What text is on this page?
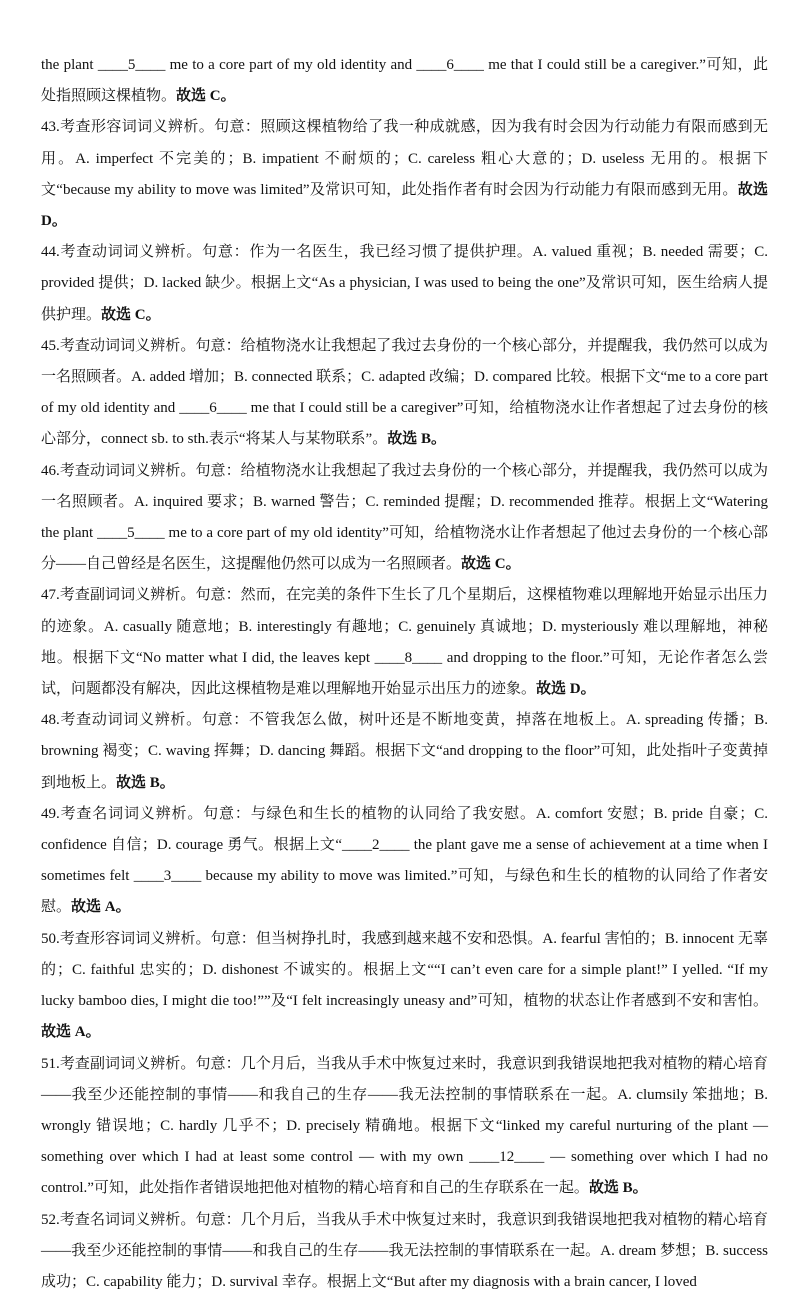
the plant ____5____ me to a core part of my old identity and ____6____ me that I could still be a caregiver.”可知，此处指照顾这棵植物。故选 C。

43.考查形容词词义辨析。句意：照顾这棵植物给了我一种成就感，因为我有时会因为行动能力有限而感到无用。A. imperfect 不完美的；B. impatient 不耐烦的；C. careless 粗心大意的；D. useless 无用的。根据下文“because my ability to move was limited”及常识可知，此处指作者有时会因为行动能力有限而感到无用。故选 D。

44.考查动词词义辨析。句意：作为一名医生，我已经习惯了提供护理。A. valued 重视；B. needed 需要；C. provided 提供；D. lacked 缺少。根据上文“As a physician, I was used to being the one”及常识可知，医生给病人提供护理。故选 C。

45.考查动词词义辨析。句意：给植物浇水让我想起了我过去身份的一个核心部分，并提醒我，我仍然可以成为一名照顾者。A. added 增加；B. connected 联系；C. adapted 改编；D. compared 比较。根据下文“me to a core part of my old identity and ____6____ me that I could still be a caregiver”可知，给植物浇水让作者想起了过去身份的核心部分，connect sb. to sth.表示“将某人与某物联系”。故选 B。

46.考查动词词义辨析。句意：给植物浇水让我想起了我过去身份的一个核心部分，并提醒我，我仍然可以成为一名照顾者。A. inquired 要求；B. warned 警告；C. reminded 提醒；D. recommended 推荐。根据上文“Watering the plant ____5____ me to a core part of my old identity”可知，给植物浇水让作者想起了他过去身份的一个核心部分——自己曾经是名医生，这提醒他仍然可以成为一名照顾者。故选 C。

47.考查副词词义辨析。句意：然而，在完美的条件下生长了几个星期后，这棵植物难以理解地开始显示出压力的迹象。A. casually 随意地；B. interestingly 有趣地；C. genuinely 真诚地；D. mysteriously 难以理解地，神秘地。根据下文“No matter what I did, the leaves kept ____8____ and dropping to the floor.”可知，无论作者怎么尝试，问题都没有解决，因此这棵植物是难以理解地开始显示出压力的迹象。故选 D。

48.考查动词词义辨析。句意：不管我怎么做，树叶还是不断地变黄，掉落在地板上。A. spreading 传播；B. browning 褐变；C. waving 挥舞；D. dancing 舞蹈。根据下文“and dropping to the floor”可知，此处指叶子变黄掉到地板上。故选 B。

49.考查名词词义辨析。句意：与绿色和生长的植物的认同给了我安慰。A. comfort 安慰；B. pride 自豪；C. confidence 自信；D. courage 勇气。根据上文“____2____ the plant gave me a sense of achievement at a time when I sometimes felt ____3____ because my ability to move was limited.”可知，与绿色和生长的植物的认同给了作者安慰。故选 A。

50.考查形容词词义辨析。句意：但当树挣扎时，我感到越来越不安和恐惧。A. fearful 害怕的；B. innocent 无辜的；C. faithful 忠实的；D. dishonest 不诚实的。根据上文““I can’t even care for a simple plant!” I yelled. “If my lucky bamboo dies, I might die too!””及“I felt increasingly uneasy and”可知，植物的状态让作者感到不安和害怕。故选 A。

51.考查副词词义辨析。句意：几个月后，当我从手术中恢复过来时，我意识到我错误地把我对植物的精心培育——我至少还能控制的事情——和我自己的生存——我无法控制的事情联系在一起。A. clumsily 笨拙地；B. wrongly 错误地；C. hardly 几乎不；D. precisely 精确地。根据下文“linked my careful nurturing of the plant — something over which I had at least some control — with my own ____12____ — something over which I had no control.”可知，此处指作者错误地把他对植物的精心培育和自己的生存联系在一起。故选 B。

52.考查名词词义辨析。句意：几个月后，当我从手术中恢复过来时，我意识到我错误地把我对植物的精心培育——我至少还能控制的事情——和我自己的生存——我无法控制的事情联系在一起。A. dream 梦想；B. success 成功；C. capability 能力；D. survival 幸存。根据上文“But after my diagnosis with a brain cancer, I loved
